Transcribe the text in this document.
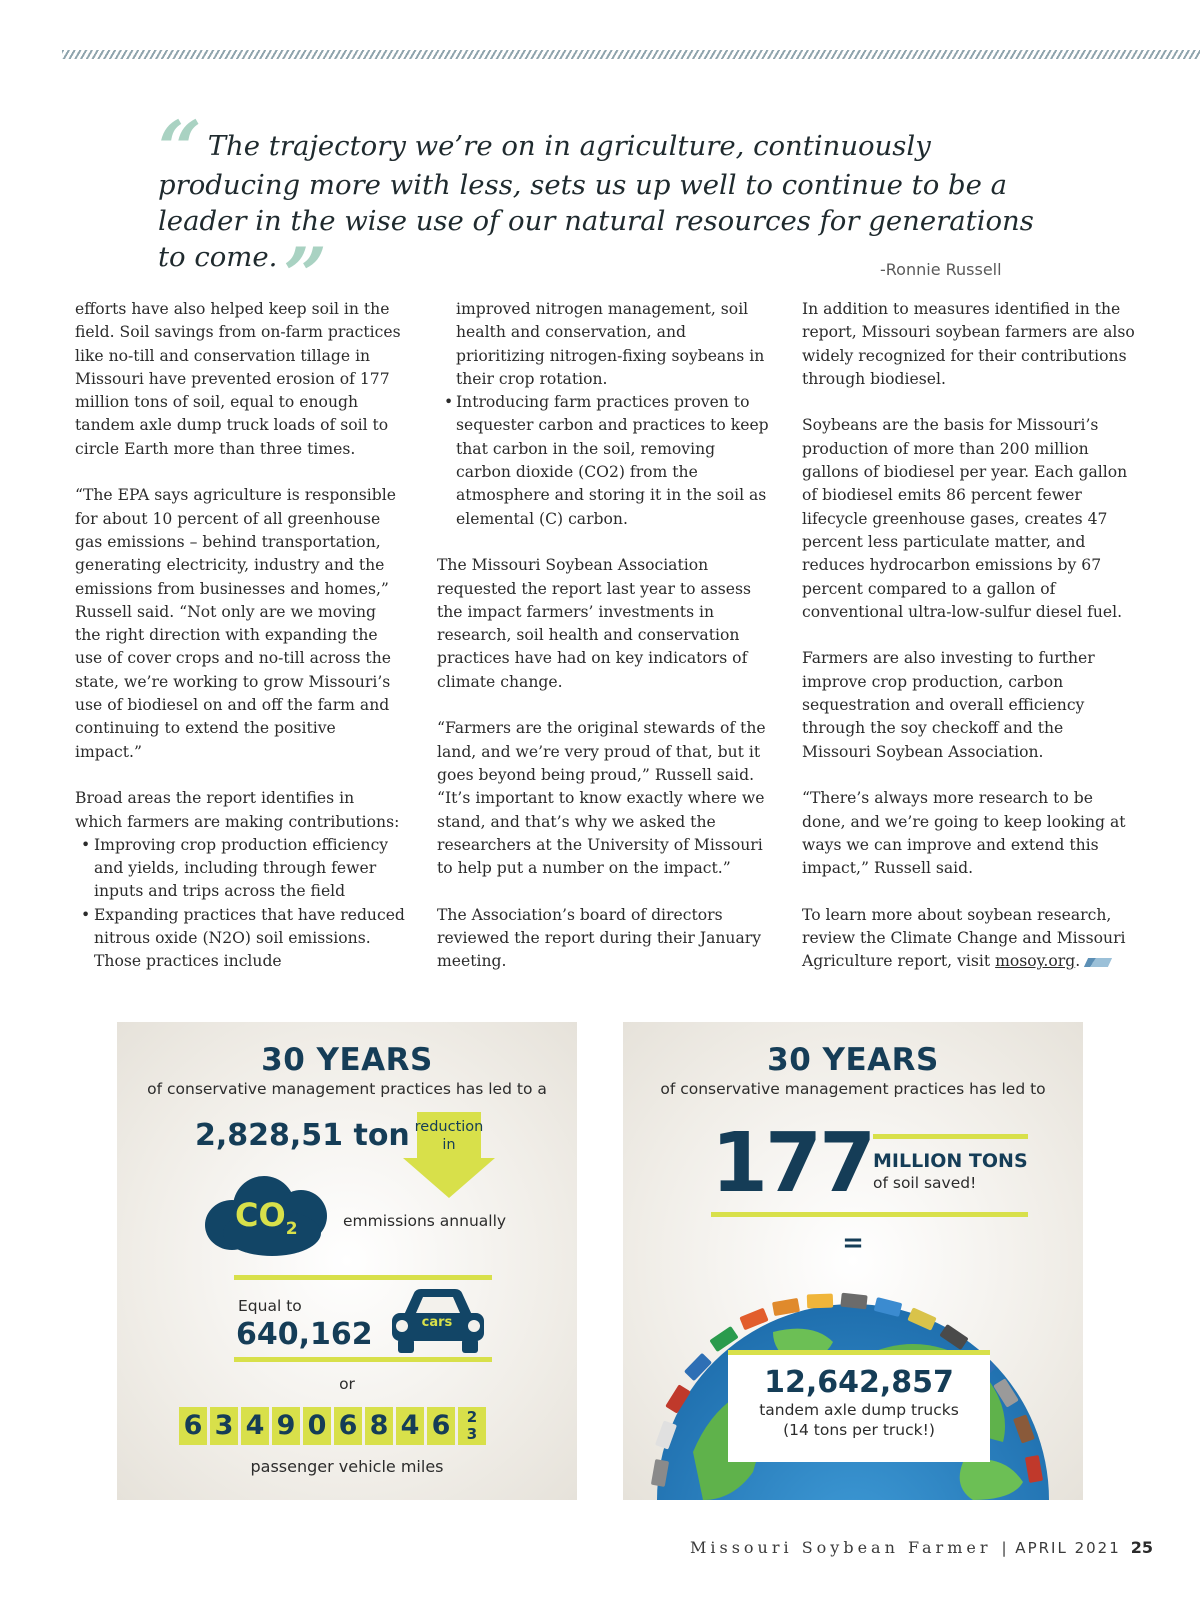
“ The trajectory we’re on in agriculture, continuously producing more with less, sets us up well to continue to be a leader in the wise use of our natural resources for generations to come.”	-Ronnie Russell

efforts have also helped keep soil in the field. Soil savings from on-farm practices like no-till and conservation tillage in Missouri have prevented erosion of 177 million tons of soil, equal to enough tandem axle dump truck loads of soil to circle Earth more than three times.

“The EPA says agriculture is responsible for about 10 percent of all greenhouse gas emissions – behind transportation, generating electricity, industry and the emissions from businesses and homes,” Russell said. “Not only are we moving the right direction with expanding the use of cover crops and no-till across the state, we’re working to grow Missouri’s use of biodiesel on and off the farm and continuing to extend the positive impact.”

Broad areas the report identifies in which farmers are making contributions:

• Improving crop production efficiency and yields, including through fewer inputs and trips across the field
• Expanding practices that have reduced nitrous oxide (N2O) soil emissions. Those practices include
improved nitrogen management, soil health and conservation, and prioritizing nitrogen-fixing soybeans in their crop rotation.
• Introducing farm practices proven to sequester carbon and practices to keep that carbon in the soil, removing carbon dioxide (CO2) from the atmosphere and storing it in the soil as elemental (C) carbon.

The Missouri Soybean Association requested the report last year to assess the impact farmers’ investments in research, soil health and conservation practices have had on key indicators of climate change.

“Farmers are the original stewards of the land, and we’re very proud of that, but it goes beyond being proud,” Russell said. “It’s important to know exactly where we stand, and that’s why we asked the researchers at the University of Missouri to help put a number on the impact.”

The Association’s board of directors reviewed the report during their January meeting.

In addition to measures identified in the report, Missouri soybean farmers are also widely recognized for their contributions through biodiesel.

Soybeans are the basis for Missouri’s production of more than 200 million gallons of biodiesel per year. Each gallon of biodiesel emits 86 percent fewer lifecycle greenhouse gases, creates 47 percent less particulate matter, and reduces hydrocarbon emissions by 67 percent compared to a gallon of conventional ultra-low-sulfur diesel fuel.

Farmers are also investing to further improve crop production, carbon sequestration and overall efficiency through the soy checkoff and the Missouri Soybean Association.

“There’s always more research to be done, and we’re going to keep looking at ways we can improve and extend this impact,” Russell said.

To learn more about soybean research, review the Climate Change and Missouri Agriculture report, visit mosoy.org.

30 YEARS
of conservative management practices has led to a
2,828,51 ton reduction
in
$CO_2$	emmissions annually
Equal to
640,162	cars
or
6 3 4 9 0 6 8 4 6	2
3
passenger vehicle miles
30 YEARS
of conservative management practices has led to
177 MILLION TONS
of soil saved!
=
12,642,857
tandem axle dump trucks
(14 tons per truck!)
Missouri Soybean Farmer | APRIL 2021 25
